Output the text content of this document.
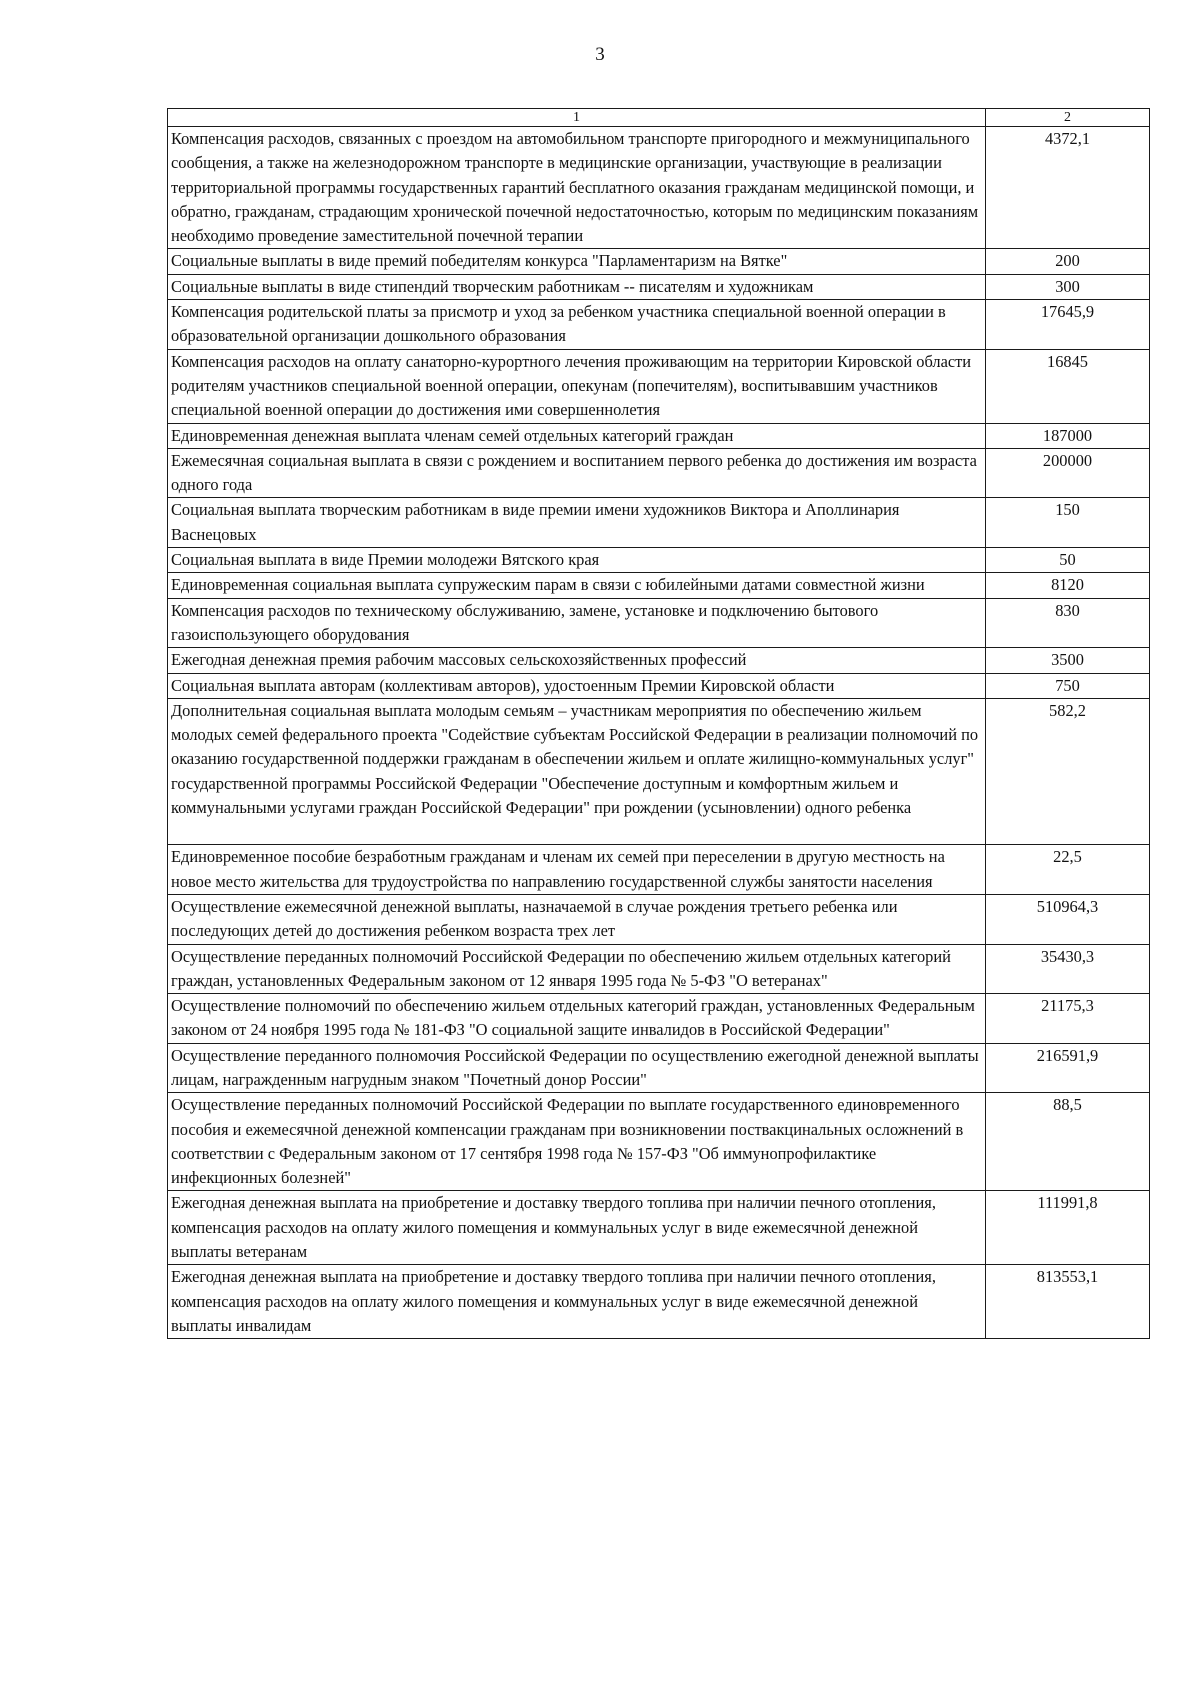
3
1	2
Компенсация расходов, связанных с проездом на автомобильном транспорте пригородного и межмуниципального сообщения, а также на железнодорожном транспорте в медицинские организации, участвующие в реализации территориальной программы государственных гарантий бесплатного оказания гражданам медицинской помощи, и обратно, гражданам, страдающим хронической почечной недостаточностью, которым по медицинским показаниям необходимо проведение заместительной почечной терапии	4372,1
Социальные выплаты в виде премий победителям конкурса "Парламентаризм на Вятке"	200
Социальные выплаты в виде стипендий творческим работникам -- писателям и художникам	300
Компенсация родительской платы за присмотр и уход за ребенком участника специальной военной операции в образовательной организации дошкольного образования	17645,9
Компенсация расходов на оплату санаторно-курортного лечения проживающим на территории Кировской области родителям участников специальной военной операции, опекунам (попечителям), воспитывавшим участников специальной военной операции до достижения ими совершеннолетия	16845
Единовременная денежная выплата членам семей отдельных категорий граждан	187000
Ежемесячная социальная выплата в связи с рождением и воспитанием первого ребенка до достижения им возраста одного года	200000
Социальная выплата творческим работникам в виде премии имени художников Виктора и Аполлинария Васнецовых	150
Социальная выплата в виде Премии молодежи Вятского края	50
Единовременная социальная выплата супружеским парам в связи с юбилейными датами совместной жизни	8120
Компенсация расходов по техническому обслуживанию, замене, установке и подключению бытового газоиспользующего оборудования	830
Ежегодная денежная премия рабочим массовых сельскохозяйственных профессий	3500
Социальная выплата авторам (коллективам авторов), удостоенным Премии Кировской области	750
Дополнительная социальная выплата молодым семьям – участникам мероприятия по обеспечению жильем молодых семей федерального проекта "Содействие субъектам Российской Федерации в реализации полномочий по оказанию государственной поддержки гражданам в обеспечении жильем и оплате жилищно-коммунальных услуг" государственной программы Российской Федерации "Обеспечение доступным и комфортным жильем и коммунальными услугами граждан Российской Федерации" при рождении (усыновлении) одного ребенка	582,2
Единовременное пособие безработным гражданам и членам их семей при переселении в другую местность на новое место жительства для трудоустройства по направлению государственной службы занятости населения	22,5
Осуществление ежемесячной денежной выплаты, назначаемой в случае рождения третьего ребенка или последующих детей до достижения ребенком возраста трех лет	510964,3
Осуществление переданных полномочий Российской Федерации по обеспечению жильем отдельных категорий граждан, установленных Федеральным законом от 12 января 1995 года № 5-ФЗ "О ветеранах"	35430,3
Осуществление полномочий по обеспечению жильем отдельных категорий граждан, установленных Федеральным законом от 24 ноября 1995 года № 181-ФЗ "О социальной защите инвалидов в Российской Федерации"	21175,3
Осуществление переданного полномочия Российской Федерации по осуществлению ежегодной денежной выплаты лицам, награжденным нагрудным знаком "Почетный донор России"	216591,9
Осуществление переданных полномочий Российской Федерации по выплате государственного единовременного пособия и ежемесячной денежной компенсации гражданам при возникновении поствакцинальных осложнений в соответствии с Федеральным законом от 17 сентября 1998 года № 157-ФЗ "Об иммунопрофилактике инфекционных болезней"	88,5
Ежегодная денежная выплата на приобретение и доставку твердого топлива при наличии печного отопления, компенсация расходов на оплату жилого помещения и коммунальных услуг в виде ежемесячной денежной выплаты ветеранам	111991,8
Ежегодная денежная выплата на приобретение и доставку твердого топлива при наличии печного отопления, компенсация расходов на оплату жилого помещения и коммунальных услуг в виде ежемесячной денежной выплаты инвалидам	813553,1
